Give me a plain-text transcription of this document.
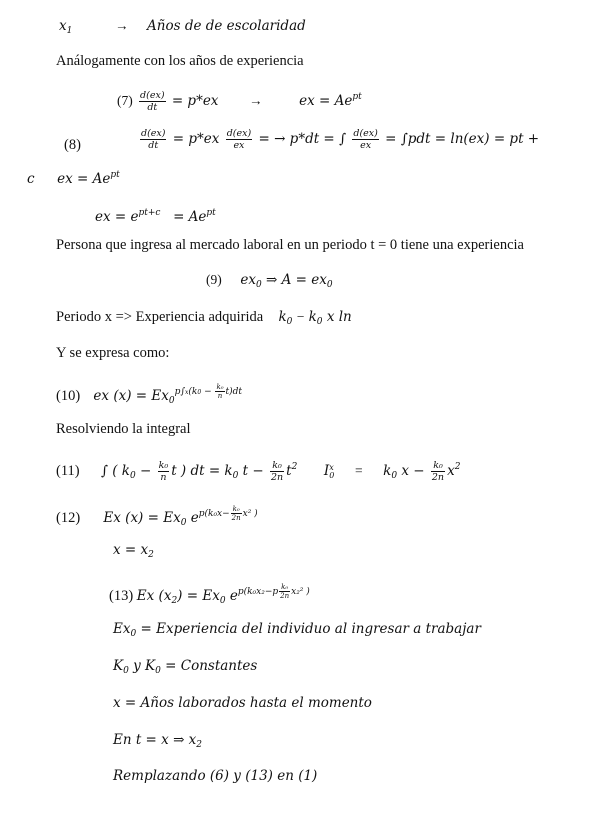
$x_1$	→ Años de de escolaridad
Análogamente con los años de experiencia
$(7) \frac{d(ex)}{dt} = p*ex$ →	ex = $Ae^{pt}$
(8)	$\frac{d(ex)}{dt} = p*ex \frac{d(ex)}{ex}$ = → p*dt = ∫ $\frac{d(ex)}{ex} = \int pdt = \ln(ex)$ = pt +
c ex = $Ae^{pt}$
ex = $e^{pt+c} = Ae^{pt}$
Persona que ingresa al mercado laboral en un periodo t = 0 tiene una experiencia
(9) $ex_0$ ⇒ $A = ex_0$
Periodo x => Experiencia adquirida $k_0 - k_0$ x ln
Y se expresa como:
(10) ex $(x) = Ex_0^{p\int x(k0 - \frac{\text{k₀}}{n} t)dt}$
Resolviendo la integral
(11) ∫ ( $k_0 - \frac{\text{k₀}}{n}$ t ) dt = $k_0$ $t - \frac{\text{k₀}}{2n} t^2$ I x
$0 = k_0$ $x - \frac{\text{k₀}}{2n} x^2$
(12) Ex $(x) = Ex_0$ $e^{p(k_0x- \frac{\text{k₀}}{2n} x^2 )}$
$x = x_2$
(13) Ex $(x_2) = Ex_0$ $e^{p(k_0x_2-p \frac{\text{k₀}}{2n} x_2^2 )}$
$Ex_0$ = Experiencia del individuo al ingresar a trabajar
$K_0$ y $K_0$ = Constantes
x = Años laborados hasta el momento
En t = x ⇒ $x_2$
Remplazando (6) y (13) en (1)
